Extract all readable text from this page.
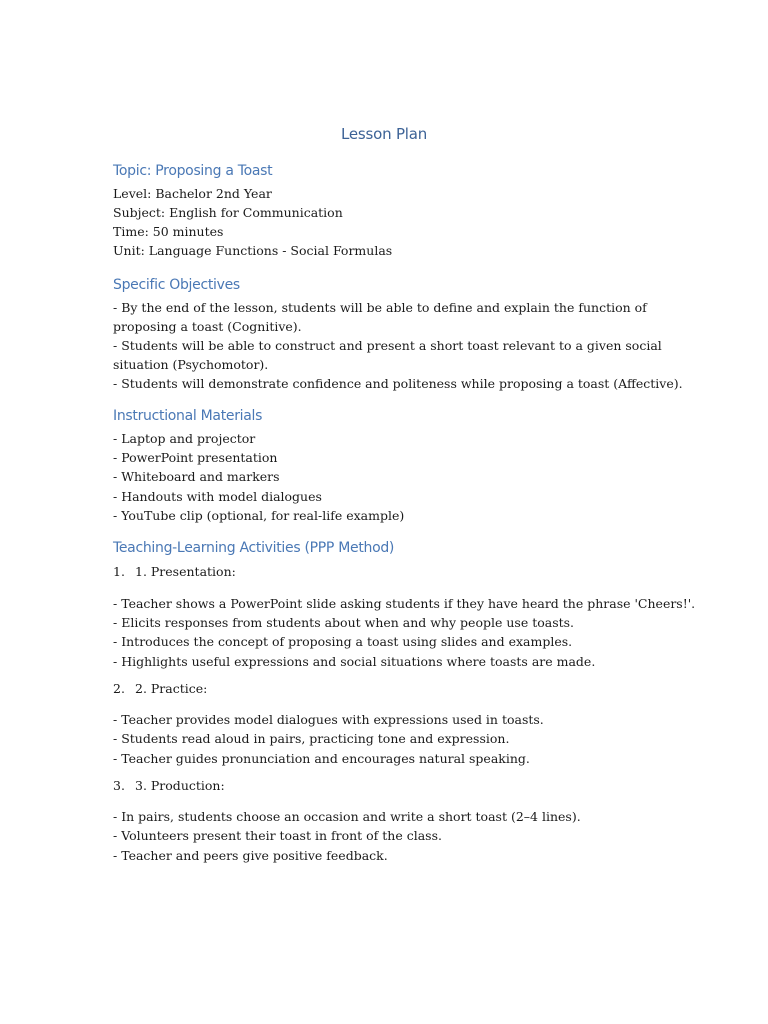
Lesson Plan
Topic: Proposing a Toast
Level: Bachelor 2nd Year
Subject: English for Communication
Time: 50 minutes
Unit: Language Functions - Social Formulas
Specific Objectives
- By the end of the lesson, students will be able to define and explain the function of
proposing a toast (Cognitive).
- Students will be able to construct and present a short toast relevant to a given social
situation (Psychomotor).
- Students will demonstrate confidence and politeness while proposing a toast (Affective).
Instructional Materials
- Laptop and projector
- PowerPoint presentation
- Whiteboard and markers
- Handouts with model dialogues
- YouTube clip (optional, for real-life example)
Teaching-Learning Activities (PPP Method)
1. 1. Presentation:
- Teacher shows a PowerPoint slide asking students if they have heard the phrase 'Cheers!'.
- Elicits responses from students about when and why people use toasts.
- Introduces the concept of proposing a toast using slides and examples.
- Highlights useful expressions and social situations where toasts are made.
2. 2. Practice:
- Teacher provides model dialogues with expressions used in toasts.
- Students read aloud in pairs, practicing tone and expression.
- Teacher guides pronunciation and encourages natural speaking.
3. 3. Production:
- In pairs, students choose an occasion and write a short toast (2–4 lines).
- Volunteers present their toast in front of the class.
- Teacher and peers give positive feedback.
